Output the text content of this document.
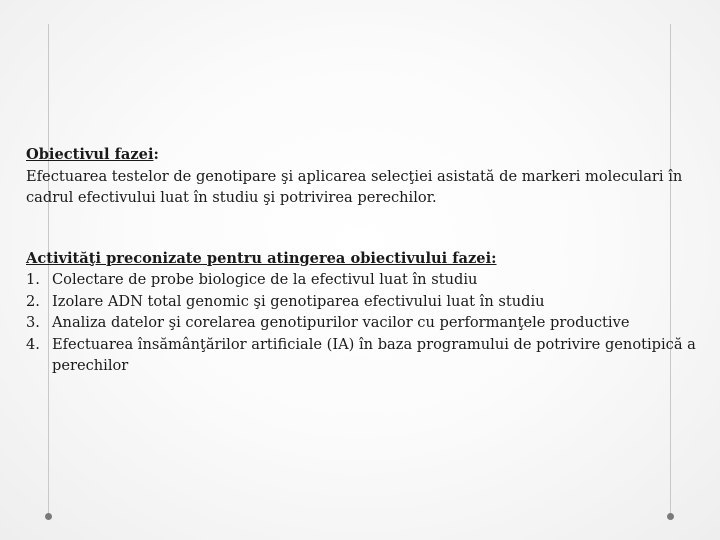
Obiectivul fazei:

Efectuarea testelor de genotipare şi aplicarea selecţiei asistată de markeri moleculari în cadrul efectivului luat în studiu şi potrivirea perechilor.

Activităţi preconizate pentru atingerea obiectivului fazei:

1. Colectare de probe biologice de la efectivul luat în studiu
2. Izolare ADN total genomic şi genotiparea efectivului luat în studiu
3. Analiza datelor şi corelarea genotipurilor vacilor cu performanţele productive
4. Efectuarea însămânţărilor artificiale (IA) în baza programului de potrivire genotipică a perechilor
